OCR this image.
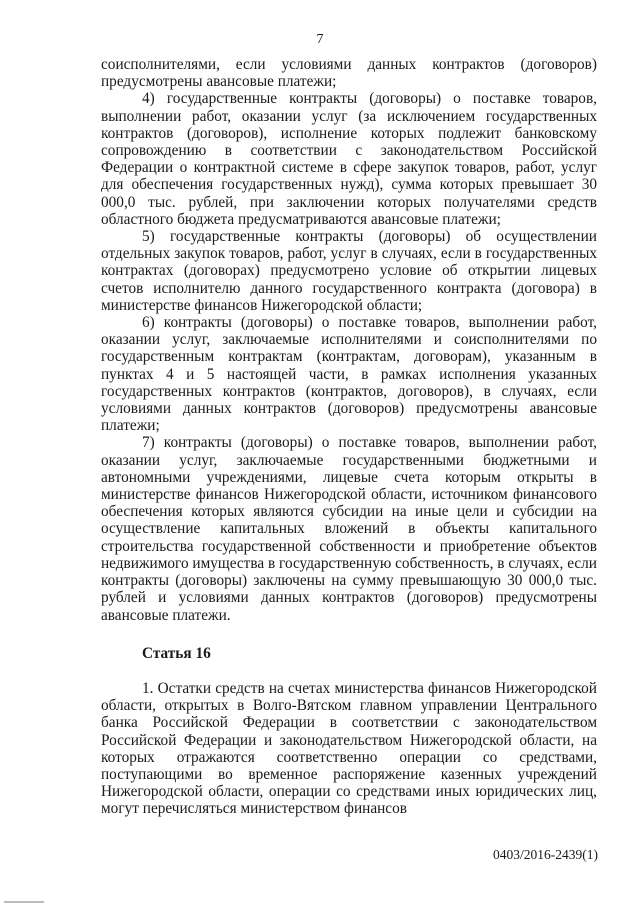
7

соисполнителями, если условиями данных контрактов (договоров) предусмотрены авансовые платежи;

4) государственные контракты (договоры) о поставке товаров, выполнении работ, оказании услуг (за исключением государственных контрактов (договоров), исполнение которых подлежит банковскому сопровождению в соответствии с законодательством Российской Федерации о контрактной системе в сфере закупок товаров, работ, услуг для обеспечения государственных нужд), сумма которых превышает 30 000,0 тыс. рублей, при заключении которых получателями средств областного бюджета предусматриваются авансовые платежи;

5) государственные контракты (договоры) об осуществлении отдельных закупок товаров, работ, услуг в случаях, если в государственных контрактах (договорах) предусмотрено условие об открытии лицевых счетов исполнителю данного государственного контракта (договора) в министерстве финансов Нижегородской области;

6) контракты (договоры) о поставке товаров, выполнении работ, оказании услуг, заключаемые исполнителями и соисполнителями по государственным контрактам (контрактам, договорам), указанным в пунктах 4 и 5 настоящей части, в рамках исполнения указанных государственных контрактов (контрактов, договоров), в случаях, если условиями данных контрактов (договоров) предусмотрены авансовые платежи;

7) контракты (договоры) о поставке товаров, выполнении работ, оказании услуг, заключаемые государственными бюджетными и автономными учреждениями, лицевые счета которым открыты в министерстве финансов Нижегородской области, источником финансового обеспечения которых являются субсидии на иные цели и субсидии на осуществление капитальных вложений в объекты капитального строительства государственной собственности и приобретение объектов недвижимого имущества в государственную собственность, в случаях, если контракты (договоры) заключены на сумму превышающую 30 000,0 тыс. рублей и условиями данных контрактов (договоров) предусмотрены авансовые платежи.

Статья 16

1. Остатки средств на счетах министерства финансов Нижегородской области, открытых в Волго-Вятском главном управлении Центрального банка Российской Федерации в соответствии с законодательством Российской Федерации и законодательством Нижегородской области, на которых отражаются соответственно операции со средствами, поступающими во временное распоряжение казенных учреждений Нижегородской области, операции со средствами иных юридических лиц, могут перечисляться министерством финансов

0403/2016-2439(1)
